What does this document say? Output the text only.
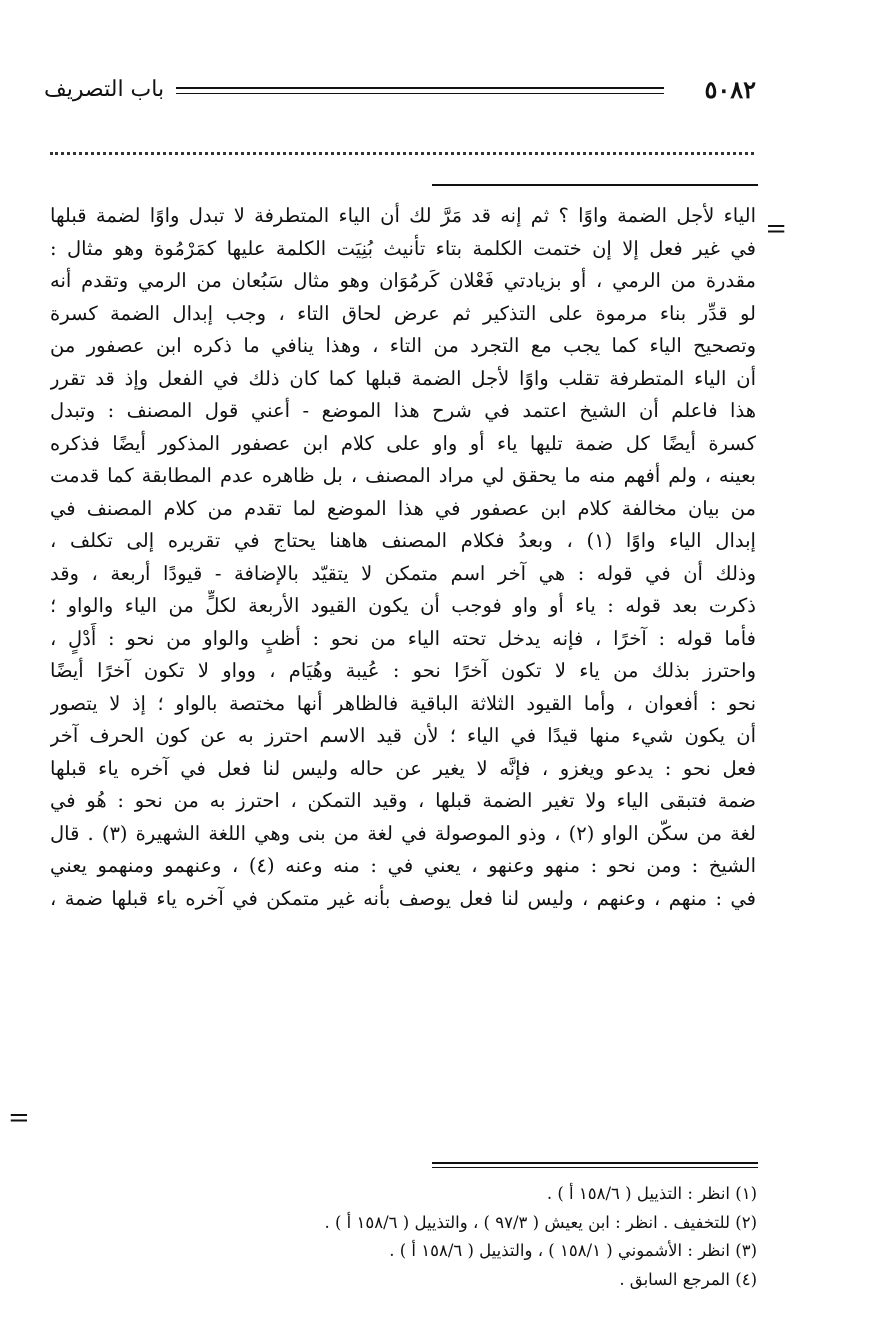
٥٠٨٢
باب التصريف
=
الياء لأجل الضمة واوًا ؟ ثم إنه قد مَرَّ لك أن الياء المتطرفة لا تبدل واوًا لضمة قبلها
في غير فعل إلا إن ختمت الكلمة بتاء تأنيث بُنِيَت الكلمة عليها كمَرْمُوة وهو مثال :
مقدرة من الرمي ، أو بزيادتي فَعْلان كَرمُوَان وهو مثال سَبُعان من الرمي وتقدم أنه
لو قدِّر بناء مرموة على التذكير ثم عرض لحاق التاء ، وجب إبدال الضمة كسرة
وتصحيح الياء كما يجب مع التجرد من التاء ، وهذا ينافي ما ذكره ابن عصفور من
أن الياء المتطرفة تقلب واوًا لأجل الضمة قبلها كما كان ذلك في الفعل وإذ قد تقرر
هذا فاعلم أن الشيخ اعتمد في شرح هذا الموضع - أعني قول المصنف : وتبدل
كسرة أيضًا كل ضمة تليها ياء أو واو على كلام ابن عصفور المذكور أيضًا فذكره
بعينه ، ولم أفهم منه ما يحقق لي مراد المصنف ، بل ظاهره عدم المطابقة كما قدمت
من بيان مخالفة كلام ابن عصفور في هذا الموضع لما تقدم من كلام المصنف في
إبدال الياء واوًا (١) ، وبعدُ فكلام المصنف هاهنا يحتاج في تقريره إلى تكلف ،
وذلك أن في قوله : هي آخر اسم متمكن لا يتقيّد بالإضافة - قيودًا أربعة ، وقد
ذكرت بعد قوله : ياء أو واو فوجب أن يكون القيود الأربعة لكلٍّ من الياء والواو ؛
فأما قوله : آخرًا ، فإنه يدخل تحته الياء من نحو : أظبٍ والواو من نحو : أَدْلٍ ،
واحترز بذلك من ياء لا تكون آخرًا نحو : عُيبة وهُيَام ، وواو لا تكون آخرًا أيضًا
نحو : أفعوان ، وأما القيود الثلاثة الباقية فالظاهر أنها مختصة بالواو ؛ إذ لا يتصور
أن يكون شيء منها قيدًا في الياء ؛ لأن قيد الاسم احترز به عن كون الحرف آخر
فعل نحو : يدعو ويغزو ، فإنَّه لا يغير عن حاله وليس لنا فعل في آخره ياء قبلها
ضمة فتبقى الياء ولا تغير الضمة قبلها ، وقيد التمكن ، احترز به من نحو : هُو في
لغة من سكّن الواو (٢) ، وذو الموصولة في لغة من بنى وهي اللغة الشهيرة (٣) . قال
الشيخ : ومن نحو : منهو وعنهو ، يعني في : منه وعنه (٤) ، وعنهمو ومنهمو يعني
في : منهم ، وعنهم ، وليس لنا فعل يوصف بأنه غير متمكن في آخره ياء قبلها ضمة ،
=
(١) انظر : التذييل ( ١٥٨/٦ أ ) .
(٢) للتخفيف . انظر : ابن يعيش ( ٩٧/٣ ) ، والتذييل ( ١٥٨/٦ أ ) .
(٣) انظر : الأشموني ( ١٥٨/١ ) ، والتذييل ( ١٥٨/٦ أ ) .
(٤) المرجع السابق .
